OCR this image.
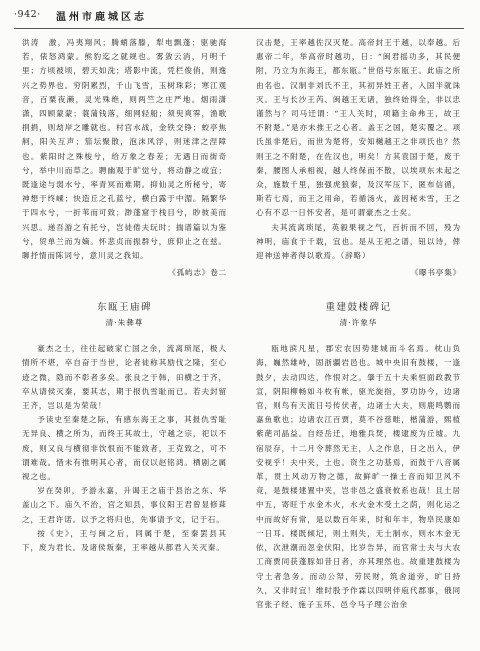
·942· 温州市鹿城区志

洪涛　激，冯夷翔风；腾蛸落滕，犁电飘蓬；驱驰海若，俵怒鸿蒙。熊豹迄之就规也。雾敛云消，月明千里；方顷被顷，碧天如洗；塔影中流，凭栏俊俏，则逸兴之势界也。穷阴累烈，千山飞雪，玉树珠彩；寒江观音，百粟夜濑，灵光殊绝，则两竺之庄严地。烟雨潇潇，四顾蒙蒙；蓑蒲钱落，细网轻船；须臾爽霁，渔歌捐捐，则劫岸之雕就也。村宫水战，金铁交铮；蛟亭焦舸，阳关互声；笳坛聚散，泡沫风浮，则迷津之涅障也。紫阳时之殊梭兮，给万象之春差；无遇日而街奇兮，举中川而草之。聘幽观于旷觉兮，将动静之或宜；既逢途与弱水兮，率青冥而难期。抑仙灵之所秘兮，寄神想于终嵊；快造丘之孔蓝兮，横白露于中湄。隔繁华于四水兮，一折苇而可致；渺蓬窟于栈目兮，眇彼美而兴思。递吾游之有托兮，岂徒倦夫玩时；揣谱篇以为鉴兮，贸单兰而为嫡。怀悲贞而振群兮，庶仰止之在兹。聊抒情而陈词兮，意川灵之我知。

《孤屿志》卷二

东瓯王庙碑
清·朱彝尊

豪杰之士，往往起破家亡国之余，流离琐尾，极人情所不堪，卒自奋于当世，论者徒称其励伐之隆，至心迹之微，隐而不彰者多矣。张良之于韩，田横之于齐，卒从请侯灭秦，要其志，期于报仇雪耻而已。若夫封留王齐，岂以是为荣哉！

予读史至秦楚之际，有感东海王之事，其报仇雪耻无异良、横之所为，而终王其故土，守越之宗，祀以不废，则又良与横彻非饮恨而不能致者，王克致之，可不谓难哉。惜未有推明其心者，而仅以赵铭鸿。栖剧之属视之也。

岁在癸卯，予游永嘉，升谒王之庙于县治之东、华盖山之下。庙久不治，宫之知县，事仪阳王君曾显修葺之，王君许诺。以予之将归也，先事请予文，记于石。

按《史》，王与闽之后，同属于楚，至秦罢县其下，废为君长。及诸侯叛秦，王率越从都君入关灭秦。

汉击楚，王率越佐汉灭楚。高帝封王于越，以奉越。后惠帝二年，举高帝时越功，日：“闽君摇功多，其民便附，乃立为东海王，都东瓯。”世俗号东瓯王。此庙之所由名也。汉制非刘氏不王，其初异姓王者，入国半就诛灭。王与长沙王芮、闽越王无诸，独终始得全，非以忠谨然与？司马迁谓：“王人关时，项籍主命弗王，故王不附楚。”是亦未推王之心者。盖王之国，楚实覆之。项氏虽非楚后，而世为楚将，安知樾越王之非项氏也？然则王之不附楚，在佐汉也，明矣！方其袁国于楚，废于秦，腰图人承相视，越人终保而不散，以埃项东未起之众，施数千里，独强虎狼秦，及汉军压下，匿布信循，斯若七焉，而王之用命，若循汤火，盖因秘未雪，王之心有不忍一日怀安者，是可谓豪杰之士矣。

夫其流离琐尾，英毅果视之气，百折而不回，殁为神明，庙食于千载，宜也。是从王祀之谱，钮以诗，俾迎神送神者得以歌焉。（辞略）

《曝书亭集》

重建鼓楼碑记
清·许象华

瓯地滨凡星，郡宏农因势建城而斗名焉。枕山负海，巍然雄峙，固浙疆岩邑也。城中央旧有鼓楼，一逢鼓夕，去动四达，作恨对之。肇于五十夫乘恒面政教节宣，阴阳柳畅如斗枚有帐，驱光旋指，罗功协今，边诸官，则鸟有天流日号传伏者，边诸士大夫，则鹿鸣鹦而嘉鱼歌也；边诸农江百贾，莫不谷慈畦，楷蒲游，熙植紫葩司晶益。自经岳迁，地雅兵焚，楼逮废为丘墟。九宿辰存，十二月令葬然无主，人之作息，日之出入，伊安视乎！夫中夹，土也。资生之功基焉，而鼓于八音属革，贯土风动万物之德，故鲜旷一操土音而知卫风不竞，是鼓楼建置中夹，岂非邑之盛衰攸系也哉！且土居中五，寄旺于水金木火，水火金木受土之荫，则化运之中而故好有常，是以数百年来，时和年丰，物阜民康如一日耳。楼既倾圮，则土则失，无土制水，则水木金无依，次泄潮而忽金伏阳，比岁告异，而官常士夫与大农工商贾同获蓬豚如昔日者，亦其理然也。故重建鼓楼为守土者急务。而动公帑，劳民财，筑舍道旁，旷日持久，又非时宜！维时股予作霖以四明伴庖代郡事，俄同官张子经、施子玉环、邑令马子理公治余
